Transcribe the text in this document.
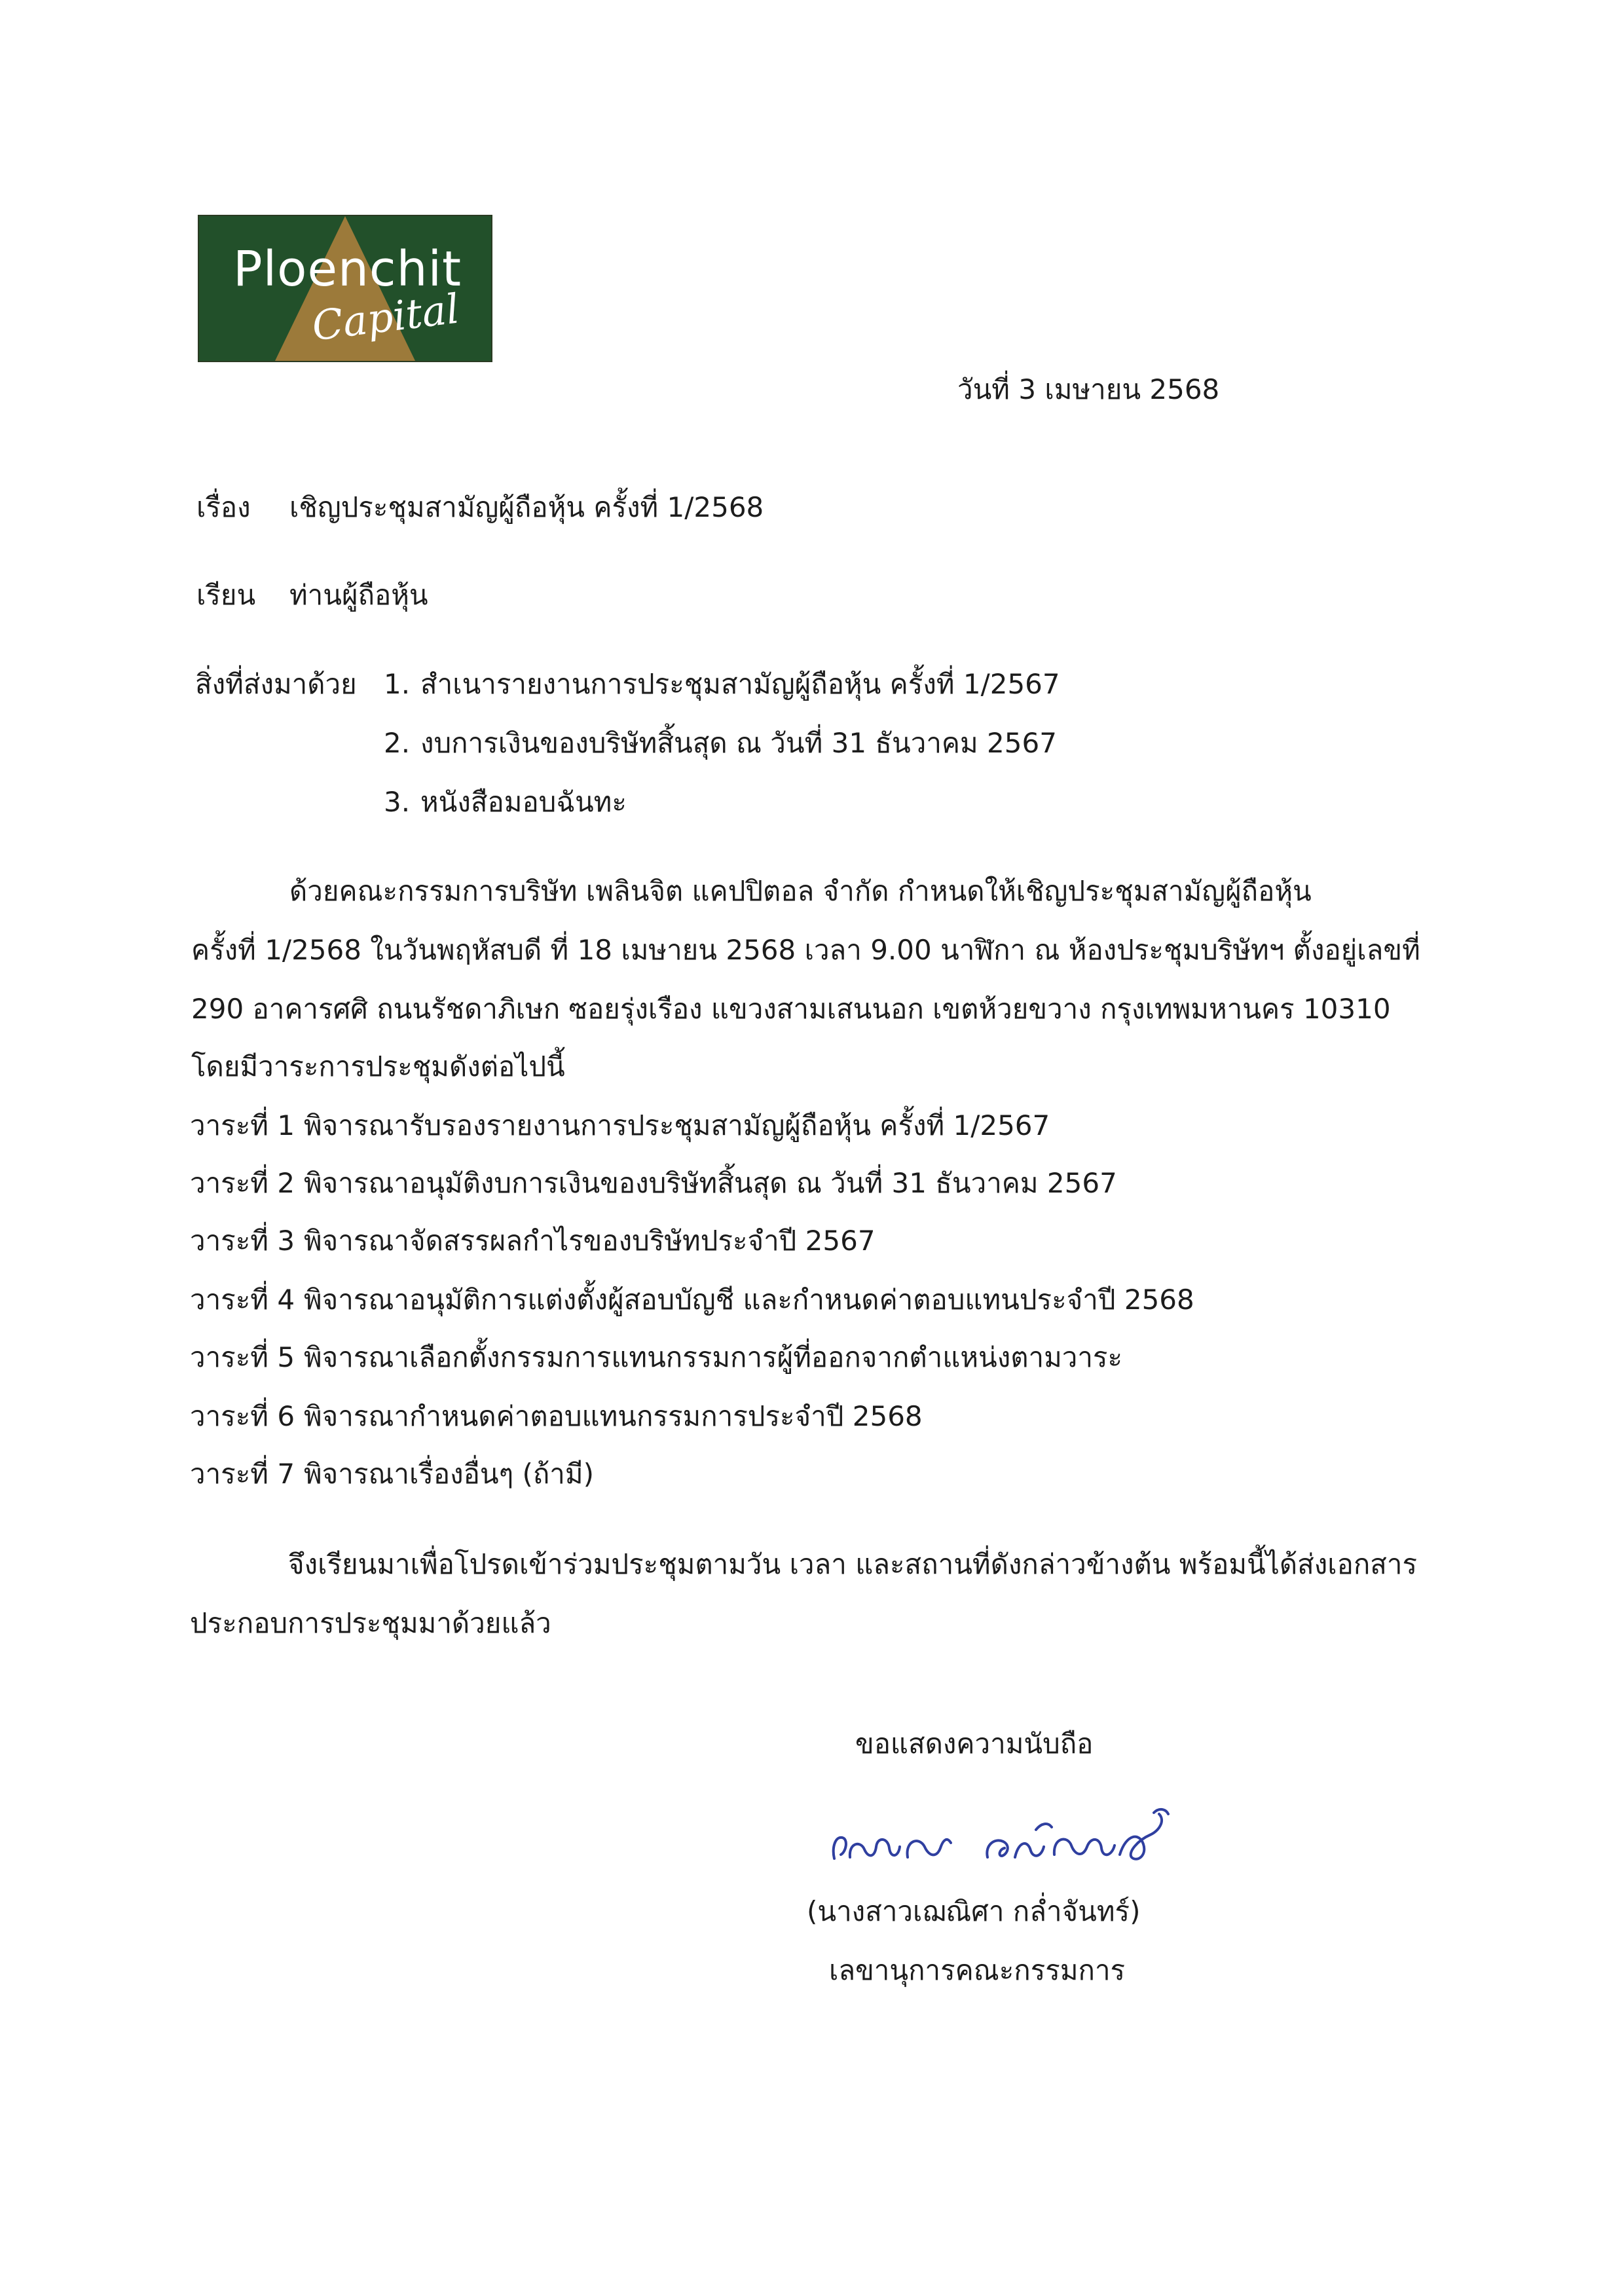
Ploenchit
Capital
วันที่ 3 เมษายน 2568
เรื่อง เชิญประชุมสามัญผู้ถือหุ้น ครั้งที่ 1/2568
เรียน ท่านผู้ถือหุ้น
สิ่งที่ส่งมาด้วย 1. สำเนารายงานการประชุมสามัญผู้ถือหุ้น ครั้งที่ 1/2567
2. งบการเงินของบริษัทสิ้นสุด ณ วันที่ 31 ธันวาคม 2567
3. หนังสือมอบฉันทะ
ด้วยคณะกรรมการบริษัท เพลินจิต แคปปิตอล จำกัด กำหนดให้เชิญประชุมสามัญผู้ถือหุ้น
ครั้งที่ 1/2568 ในวันพฤหัสบดี ที่ 18 เมษายน 2568 เวลา 9.00 นาฬิกา ณ ห้องประชุมบริษัทฯ ตั้งอยู่เลขที่
290 อาคารศศิ ถนนรัชดาภิเษก ซอยรุ่งเรือง แขวงสามเสนนอก เขตห้วยขวาง กรุงเทพมหานคร 10310
โดยมีวาระการประชุมดังต่อไปนี้
วาระที่ 1 พิจารณารับรองรายงานการประชุมสามัญผู้ถือหุ้น ครั้งที่ 1/2567
วาระที่ 2 พิจารณาอนุมัติงบการเงินของบริษัทสิ้นสุด ณ วันที่ 31 ธันวาคม 2567
วาระที่ 3 พิจารณาจัดสรรผลกำไรของบริษัทประจำปี 2567
วาระที่ 4 พิจารณาอนุมัติการแต่งตั้งผู้สอบบัญชี และกำหนดค่าตอบแทนประจำปี 2568
วาระที่ 5 พิจารณาเลือกตั้งกรรมการแทนกรรมการผู้ที่ออกจากตำแหน่งตามวาระ
วาระที่ 6 พิจารณากำหนดค่าตอบแทนกรรมการประจำปี 2568
วาระที่ 7 พิจารณาเรื่องอื่นๆ (ถ้ามี)
จึงเรียนมาเพื่อโปรดเข้าร่วมประชุมตามวัน เวลา และสถานที่ดังกล่าวข้างต้น พร้อมนี้ได้ส่งเอกสาร
ประกอบการประชุมมาด้วยแล้ว
ขอแสดงความนับถือ
(นางสาวเฌณิศา กล่ำจันทร์)
เลขานุการคณะกรรมการ
